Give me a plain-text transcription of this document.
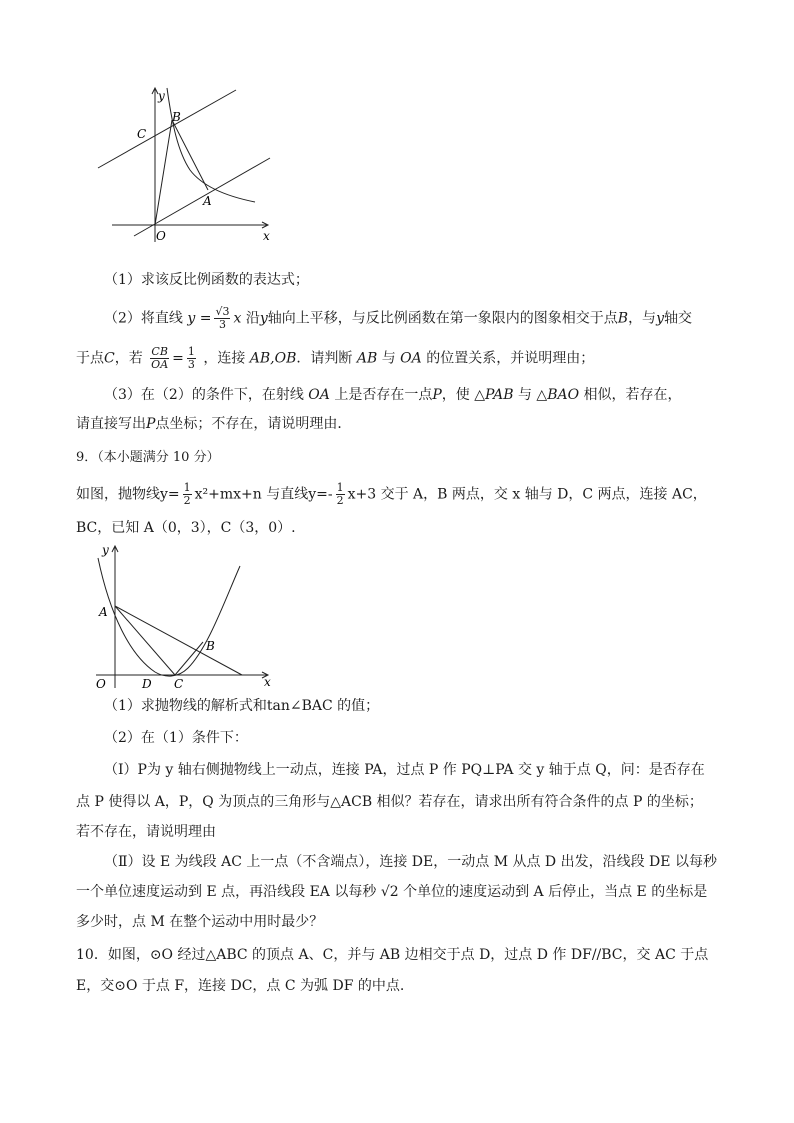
y
x
C
B
A
O
（1）求该反比例函数的表达式；
（2）将直线 $y = \frac{√3}{3}$ x 沿y轴向上平移，与反比例函数在第一象限内的图象相交于点B，与y轴交
于点C，若 $\frac{CB}{OA} = \frac{1}{3}$ ，连接 AB,OB．请判断 AB 与 OA 的位置关系，并说明理由；
（3）在（2）的条件下，在射线 OA 上是否存在一点P，使 △PAB 与 △BAO 相似，若存在，
请直接写出P点坐标；不存在，请说明理由．
9．（本小题满分 10 分）
如图，抛物线$y= \frac{1}{2} x^2+mx+n$ 与直线$y=- \frac{1}{2} x+3$ 交于 A，B 两点，交 x 轴与 D，C 两点，连接 AC，
BC，已知 A（0，3），C（3，0）.
y
x
A
B
O	D C
（1）求抛物线的解析式和tan∠BAC 的值；
（2）在（1）条件下：
（Ⅰ）P为 y 轴右侧抛物线上一动点，连接 PA，过点 P 作 PQ⊥PA 交 y 轴于点 Q，问：是否存在
点 P 使得以 A，P，Q 为顶点的三角形与△ACB 相似？若存在，请求出所有符合条件的点 P 的坐标；
若不存在，请说明理由
（Ⅱ）设 E 为线段 AC 上一点（不含端点），连接 DE，一动点 M 从点 D 出发，沿线段 DE 以每秒
一个单位速度运动到 E 点，再沿线段 EA 以每秒 √2 个单位的速度运动到 A 后停止，当点 E 的坐标是
多少时，点 M 在整个运动中用时最少？
10．如图，⊙O 经过△ABC 的顶点 A、C，并与 AB 边相交于点 D，过点 D 作 DF//BC，交 AC 于点
E，交⊙O 于点 F，连接 DC，点 C 为弧 DF 的中点.
